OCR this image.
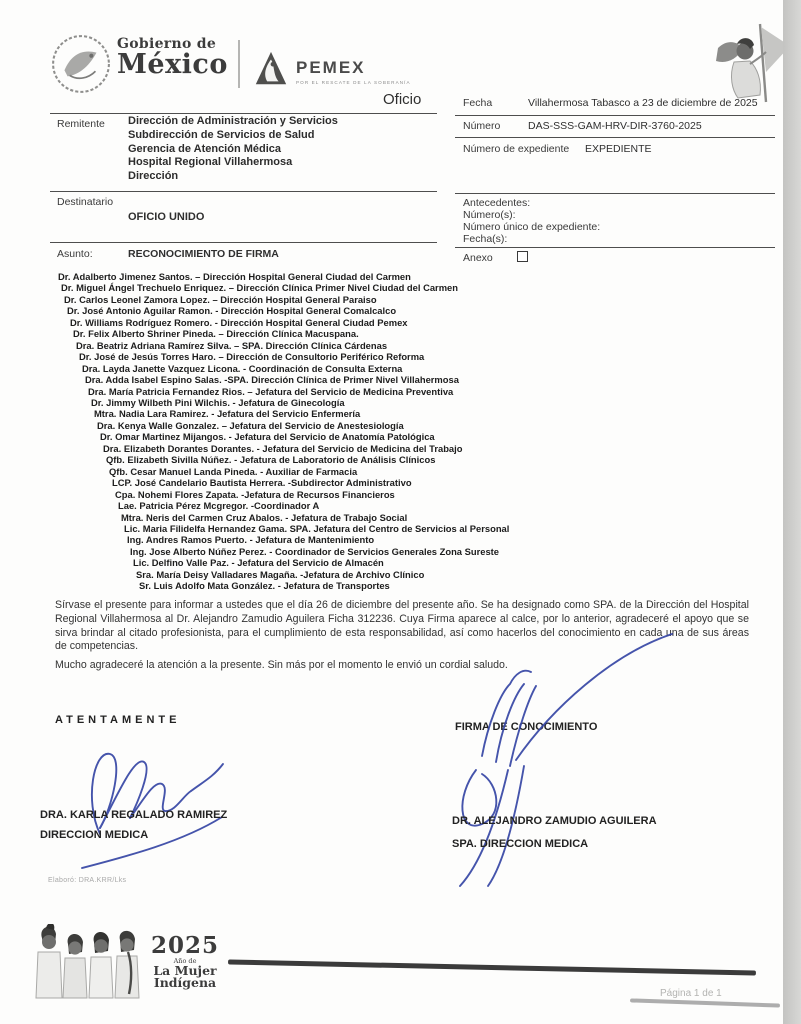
Gobierno de
México	PEMEX
POR EL RESCATE DE LA SOBERANÍA
Oficio
Remitente Dirección de Administración y Servicios
Subdirección de Servicios de Salud
Gerencia de Atención Médica
Hospital Regional Villahermosa
Dirección
Destinatario
OFICIO UNIDO
Asunto:	RECONOCIMIENTO DE FIRMA
Fecha	Villahermosa Tabasco a 23 de diciembre de 2025
Número	DAS-SSS-GAM-HRV-DIR-3760-2025
Número de expediente EXPEDIENTE
Antecedentes:
Número(s):
Número único de expediente:
Fecha(s):
Anexo
Dr. Adalberto Jimenez Santos. – Dirección Hospital General Ciudad del Carmen
Dr. Miguel Ángel Trechuelo Enriquez. – Dirección Clínica Primer Nivel Ciudad del Carmen
Dr. Carlos Leonel Zamora Lopez. – Dirección Hospital General Paraiso
Dr. José Antonio Aguilar Ramon. - Dirección Hospital General Comalcalco
Dr. Williams Rodríguez Romero. - Dirección Hospital General Ciudad Pemex
Dr. Felix Alberto Shriner Pineda. – Dirección Clínica Macuspana.
Dra. Beatriz Adriana Ramírez Silva. – SPA. Dirección Clínica Cárdenas
Dr. José de Jesús Torres Haro. – Dirección de Consultorio Periférico Reforma
Dra. Layda Janette Vazquez Licona. - Coordinación de Consulta Externa
Dra. Adda Isabel Espino Salas. -SPA. Dirección Clínica de Primer Nivel Villahermosa
Dra. María Patricia Fernandez Rios. – Jefatura del Servicio de Medicina Preventiva
Dr. Jimmy Wilbeth Pini Wilchis. - Jefatura de Ginecología
Mtra. Nadia Lara Ramirez. - Jefatura del Servicio Enfermería
Dra. Kenya Walle Gonzalez. – Jefatura del Servicio de Anestesiología
Dr. Omar Martinez Mijangos. - Jefatura del Servicio de Anatomía Patológica
Dra. Elizabeth Dorantes Dorantes. - Jefatura del Servicio de Medicina del Trabajo
Qfb. Elizabeth Sivilla Núñez. - Jefatura de Laboratorio de Análisis Clínicos
Qfb. Cesar Manuel Landa Pineda. - Auxiliar de Farmacia
LCP. José Candelario Bautista Herrera. -Subdirector Administrativo
Cpa. Nohemi Flores Zapata. -Jefatura de Recursos Financieros
Lae. Patricia Pérez Mcgregor. -Coordinador A
Mtra. Neris del Carmen Cruz Abalos. - Jefatura de Trabajo Social
Lic. Maria Filidelfa Hernandez Gama. SPA. Jefatura del Centro de Servicios al Personal
Ing. Andres Ramos Puerto. - Jefatura de Mantenimiento
Ing. Jose Alberto Núñez Perez. - Coordinador de Servicios Generales Zona Sureste
Lic. Delfino Valle Paz. - Jefatura del Servicio de Almacén
Sra. María Deisy Valladares Magaña. -Jefatura de Archivo Clínico
Sr. Luis Adolfo Mata González. - Jefatura de Transportes
Sírvase el presente para informar a ustedes que el día 26 de diciembre del presente año. Se ha designado como SPA. de la Dirección del Hospital Regional Villahermosa al Dr. Alejandro Zamudio Aguilera Ficha 312236. Cuya Firma aparece al calce, por lo anterior, agradeceré el apoyo que se sirva brindar al citado profesionista, para el cumplimiento de esta responsabilidad, así como hacerlos del conocimiento en cada una de sus áreas de competencias.
Mucho agradeceré la atención a la presente. Sin más por el momento le envió un cordial saludo.
ATENTAMENTE
FIRMA DE CONOCIMIENTO
DRA. KARLA REGALADO RAMIREZ
DIRECCION MEDICA
DR. ALEJANDRO ZAMUDIO AGUILERA
SPA. DIRECCION MEDICA
Elaboró: DRA.KRR/Lks
2025
Año de
La Mujer
Indígena
Página 1 de 1
